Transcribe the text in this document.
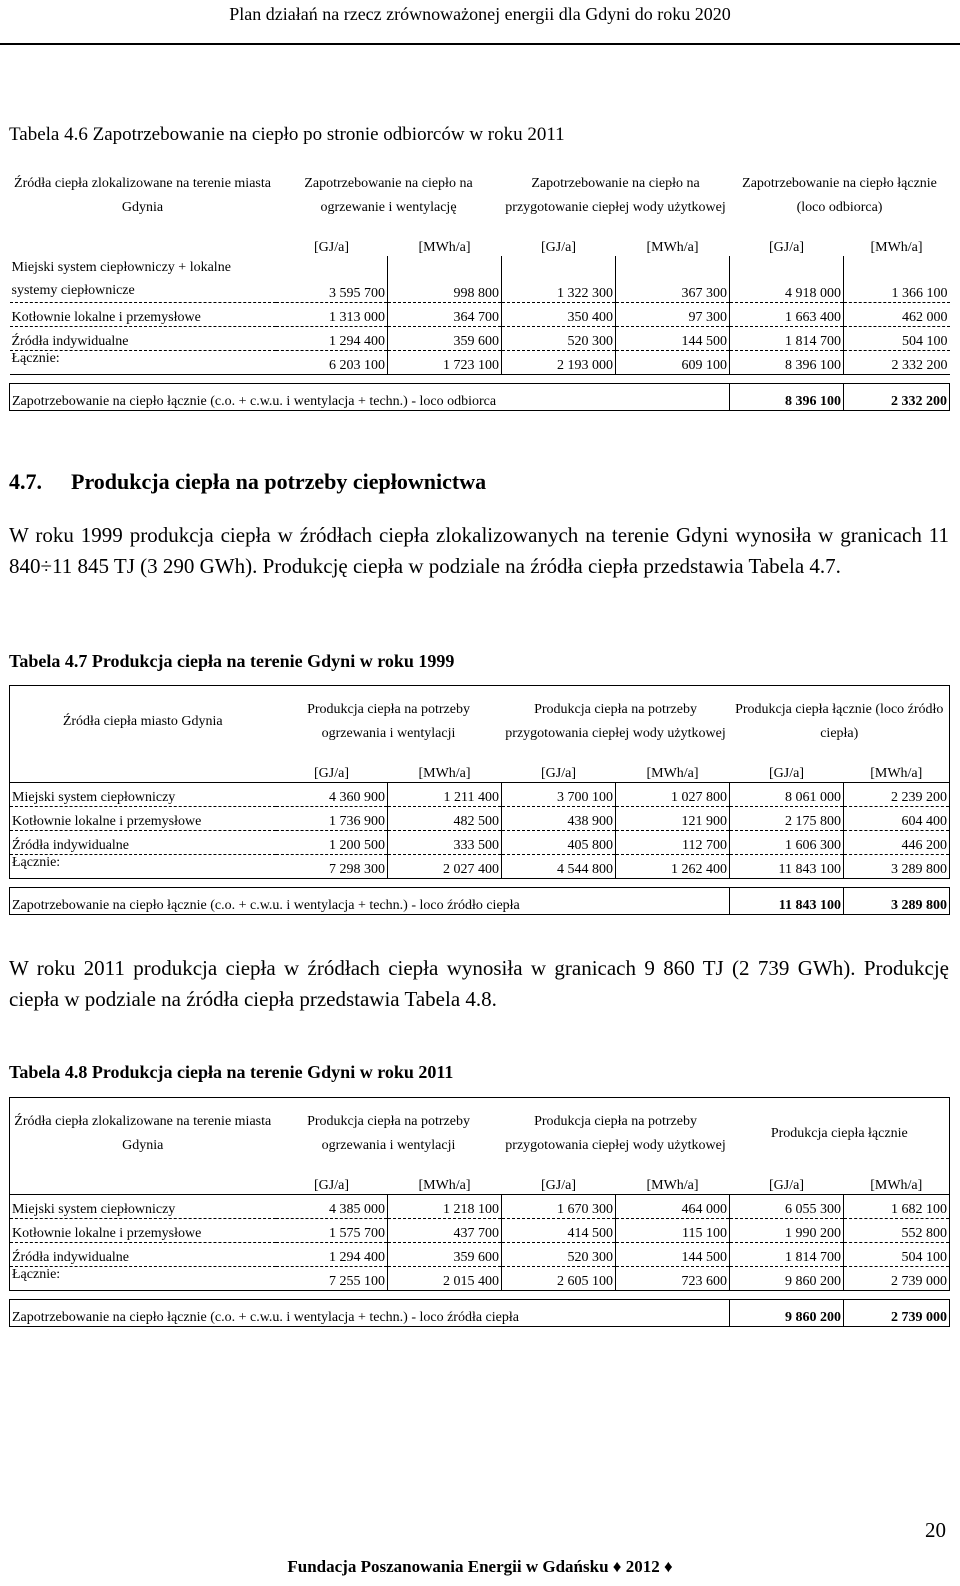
Plan działań na rzecz zrównoważonej energii dla Gdyni do roku 2020
Tabela 4.6 Zapotrzebowanie na ciepło po stronie odbiorców w roku 2011
Źródła ciepła zlokalizowane na terenie miasta Gdynia	Zapotrzebowanie na ciepło na ogrzewanie i wentylację		Zapotrzebowanie na ciepło na przygotowanie ciepłej wody użytkowej		Zapotrzebowanie na ciepło łącznie (loco odbiorca)	
	[GJ/a]	[MWh/a]	[GJ/a]	[MWh/a]	[GJ/a]	[MWh/a]
Miejski system ciepłowniczy + lokalne systemy ciepłownicze	3 595 700	998 800	1 322 300	367 300	4 918 000	1 366 100
Kotłownie lokalne i przemysłowe	1 313 000	364 700	350 400	97 300	1 663 400	462 000
Źródła indywidualne	1 294 400	359 600	520 300	144 500	1 814 700	504 100
Łącznie:	6 203 100	1 723 100	2 193 000	609 100	8 396 100	2 332 200

Zapotrzebowanie na ciepło łącznie (c.o. + c.w.u. i wentylacja + techn.) - loco odbiorca					8 396 100	2 332 200
4.7. Produkcja ciepła na potrzeby ciepłownictwa
W roku 1999 produkcja ciepła w źródłach ciepła zlokalizowanych na terenie Gdyni wynosiła w granicach 11 840÷11 845 TJ (3 290 GWh). Produkcję ciepła w podziale na źródła ciepła przedstawia Tabela 4.7.
Tabela 4.7 Produkcja ciepła na terenie Gdyni w roku 1999
Źródła ciepła miasto Gdynia	Produkcja ciepła na potrzeby ogrzewania i wentylacji		Produkcja ciepła na potrzeby przygotowania ciepłej wody użytkowej		Produkcja ciepła łącznie (loco źródło ciepła)	
	[GJ/a]	[MWh/a]	[GJ/a]	[MWh/a]	[GJ/a]	[MWh/a]
Miejski system ciepłowniczy	4 360 900	1 211 400	3 700 100	1 027 800	8 061 000	2 239 200
Kotłownie lokalne i przemysłowe	1 736 900	482 500	438 900	121 900	2 175 800	604 400
Źródła indywidualne	1 200 500	333 500	405 800	112 700	1 606 300	446 200
Łącznie:	7 298 300	2 027 400	4 544 800	1 262 400	11 843 100	3 289 800

Zapotrzebowanie na ciepło łącznie (c.o. + c.w.u. i wentylacja + techn.) - loco źródło ciepła					11 843 100	3 289 800
W roku 2011 produkcja ciepła w źródłach ciepła wynosiła w granicach 9 860 TJ (2 739 GWh). Produkcję ciepła w podziale na źródła ciepła przedstawia Tabela 4.8.
Tabela 4.8 Produkcja ciepła na terenie Gdyni w roku 2011
Źródła ciepła zlokalizowane na terenie miasta Gdynia	Produkcja ciepła na potrzeby ogrzewania i wentylacji		Produkcja ciepła na potrzeby przygotowania ciepłej wody użytkowej		Produkcja ciepła łącznie	
	[GJ/a]	[MWh/a]	[GJ/a]	[MWh/a]	[GJ/a]	[MWh/a]
Miejski system ciepłowniczy	4 385 000	1 218 100	1 670 300	464 000	6 055 300	1 682 100
Kotłownie lokalne i przemysłowe	1 575 700	437 700	414 500	115 100	1 990 200	552 800
Źródła indywidualne	1 294 400	359 600	520 300	144 500	1 814 700	504 100
Łącznie:	7 255 100	2 015 400	2 605 100	723 600	9 860 200	2 739 000

Zapotrzebowanie na ciepło łącznie (c.o. + c.w.u. i wentylacja + techn.) - loco źródła ciepła					9 860 200	2 739 000
20
Fundacja Poszanowania Energii w Gdańsku ♦ 2012 ♦
